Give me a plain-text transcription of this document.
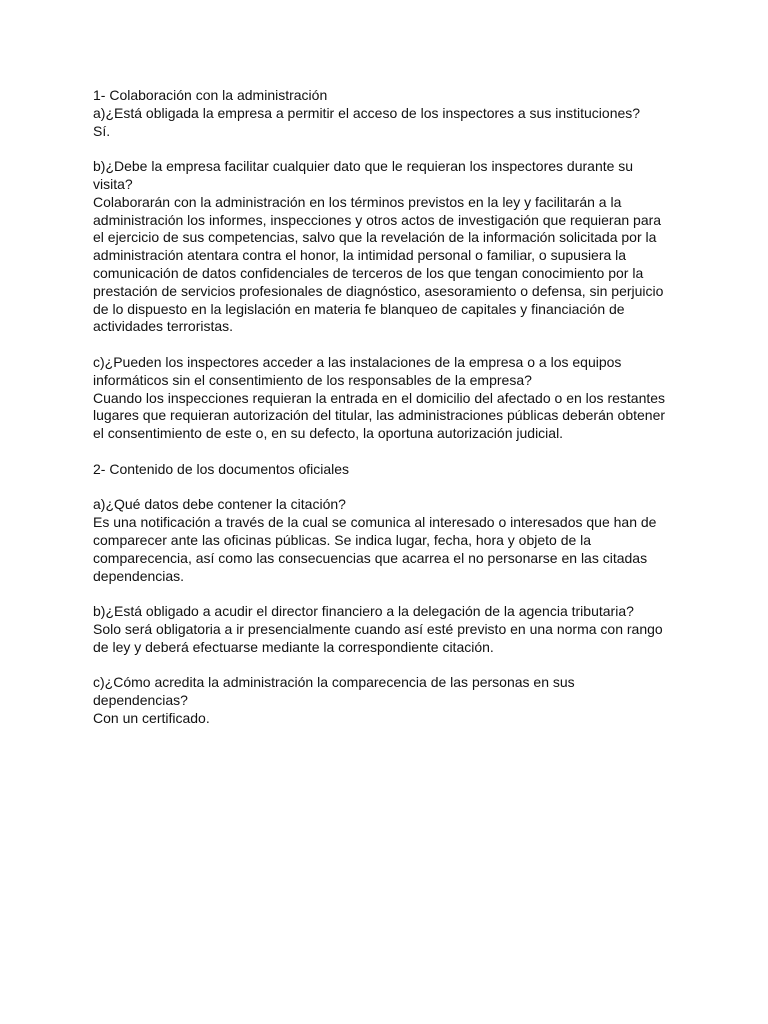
1- Colaboración con la administración
a)¿Está obligada la empresa a permitir el acceso de los inspectores a sus instituciones?
Sí.
b)¿Debe la empresa facilitar cualquier dato que le requieran los inspectores durante su
visita?
Colaborarán con la administración en los términos previstos en la ley y facilitarán a la
administración los informes, inspecciones y otros actos de investigación que requieran para
el ejercicio de sus competencias, salvo que la revelación de la información solicitada por la
administración atentara contra el honor, la intimidad personal o familiar, o supusiera la
comunicación de datos confidenciales de terceros de los que tengan conocimiento por la
prestación de servicios profesionales de diagnóstico, asesoramiento o defensa, sin perjuicio
de lo dispuesto en la legislación en materia fe blanqueo de capitales y financiación de
actividades terroristas.
c)¿Pueden los inspectores acceder a las instalaciones de la empresa o a los equipos
informáticos sin el consentimiento de los responsables de la empresa?
Cuando los inspecciones requieran la entrada en el domicilio del afectado o en los restantes
lugares que requieran autorización del titular, las administraciones públicas deberán obtener
el consentimiento de este o, en su defecto, la oportuna autorización judicial.
2- Contenido de los documentos oficiales
a)¿Qué datos debe contener la citación?
Es una notificación a través de la cual se comunica al interesado o interesados que han de
comparecer ante las oficinas públicas. Se indica lugar, fecha, hora y objeto de la
comparecencia, así como las consecuencias que acarrea el no personarse en las citadas
dependencias.
b)¿Está obligado a acudir el director financiero a la delegación de la agencia tributaria?
Solo será obligatoria a ir presencialmente cuando así esté previsto en una norma con rango
de ley y deberá efectuarse mediante la correspondiente citación.
c)¿Cómo acredita la administración la comparecencia de las personas en sus
dependencias?
Con un certificado.
